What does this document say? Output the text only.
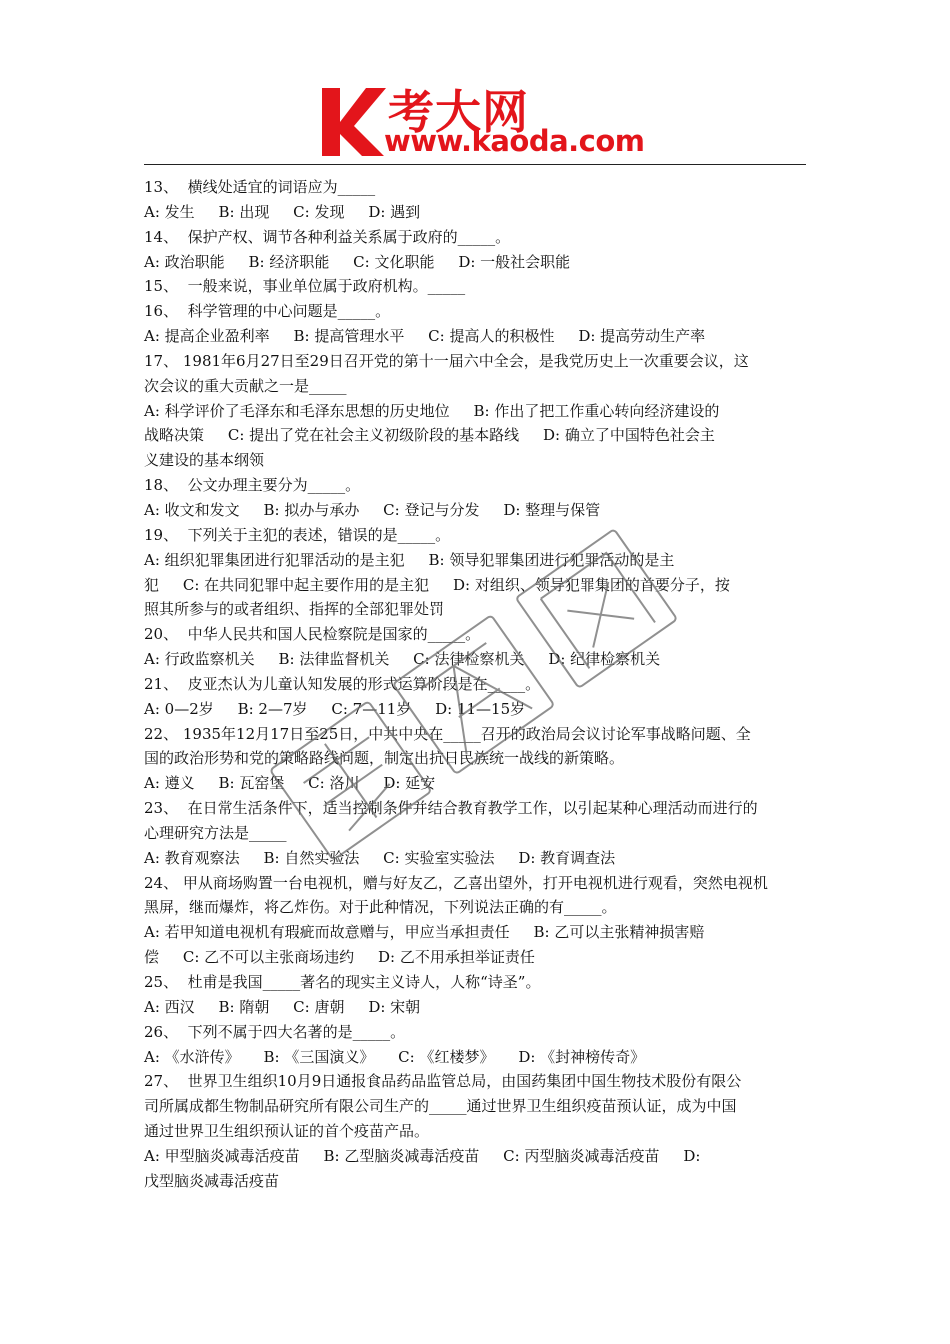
考大网
www.kaoda.com
13、  横线处适宜的词语应为_____
A: 发生     B: 出现     C: 发现     D: 遇到
14、  保护产权、调节各种利益关系属于政府的_____。
A: 政治职能     B: 经济职能     C: 文化职能     D: 一般社会职能
15、  一般来说，事业单位属于政府机构。_____
16、  科学管理的中心问题是_____。
A: 提高企业盈利率     B: 提高管理水平     C: 提高人的积极性     D: 提高劳动生产率
17、 1981年6月27日至29日召开党的第十一届六中全会，是我党历史上一次重要会议，这
次会议的重大贡献之一是_____
A: 科学评价了毛泽东和毛泽东思想的历史地位     B: 作出了把工作重心转向经济建设的
战略决策     C: 提出了党在社会主义初级阶段的基本路线     D: 确立了中国特色社会主
义建设的基本纲领
18、  公文办理主要分为_____。
A: 收文和发文     B: 拟办与承办     C: 登记与分发     D: 整理与保管
19、  下列关于主犯的表述，错误的是_____。
A: 组织犯罪集团进行犯罪活动的是主犯     B: 领导犯罪集团进行犯罪活动的是主
犯     C: 在共同犯罪中起主要作用的是主犯     D: 对组织、领导犯罪集团的首要分子，按
照其所参与的或者组织、指挥的全部犯罪处罚
20、  中华人民共和国人民检察院是国家的_____。
A: 行政监察机关     B: 法律监督机关     C: 法律检察机关     D: 纪律检察机关
21、  皮亚杰认为儿童认知发展的形式运算阶段是在_____。
A: 0—2岁     B: 2—7岁     C: 7—11岁     D: 11—15岁
22、 1935年12月17日至25日，中共中央在_____召开的政治局会议讨论军事战略问题、全
国的政治形势和党的策略路线问题，制定出抗日民族统一战线的新策略。
A: 遵义     B: 瓦窑堡     C: 洛川     D: 延安
23、  在日常生活条件下，适当控制条件并结合教育教学工作，以引起某种心理活动而进行的
心理研究方法是_____
A: 教育观察法     B: 自然实验法     C: 实验室实验法     D: 教育调查法
24、 甲从商场购置一台电视机，赠与好友乙，乙喜出望外，打开电视机进行观看，突然电视机
黑屏，继而爆炸，将乙炸伤。对于此种情况，下列说法正确的有_____。
A: 若甲知道电视机有瑕疵而故意赠与，甲应当承担责任     B: 乙可以主张精神损害赔
偿     C: 乙不可以主张商场违约     D: 乙不用承担举证责任
25、  杜甫是我国_____著名的现实主义诗人，人称“诗圣”。
A: 西汉     B: 隋朝     C: 唐朝     D: 宋朝
26、  下列不属于四大名著的是_____。
A: 《水浒传》     B: 《三国演义》     C: 《红楼梦》     D: 《封神榜传奇》
27、  世界卫生组织10月9日通报食品药品监管总局，由国药集团中国生物技术股份有限公
司所属成都生物制品研究所有限公司生产的_____通过世界卫生组织疫苗预认证，成为中国
通过世界卫生组织预认证的首个疫苗产品。
A: 甲型脑炎减毒活疫苗     B: 乙型脑炎减毒活疫苗     C: 丙型脑炎减毒活疫苗     D:
戊型脑炎减毒活疫苗
